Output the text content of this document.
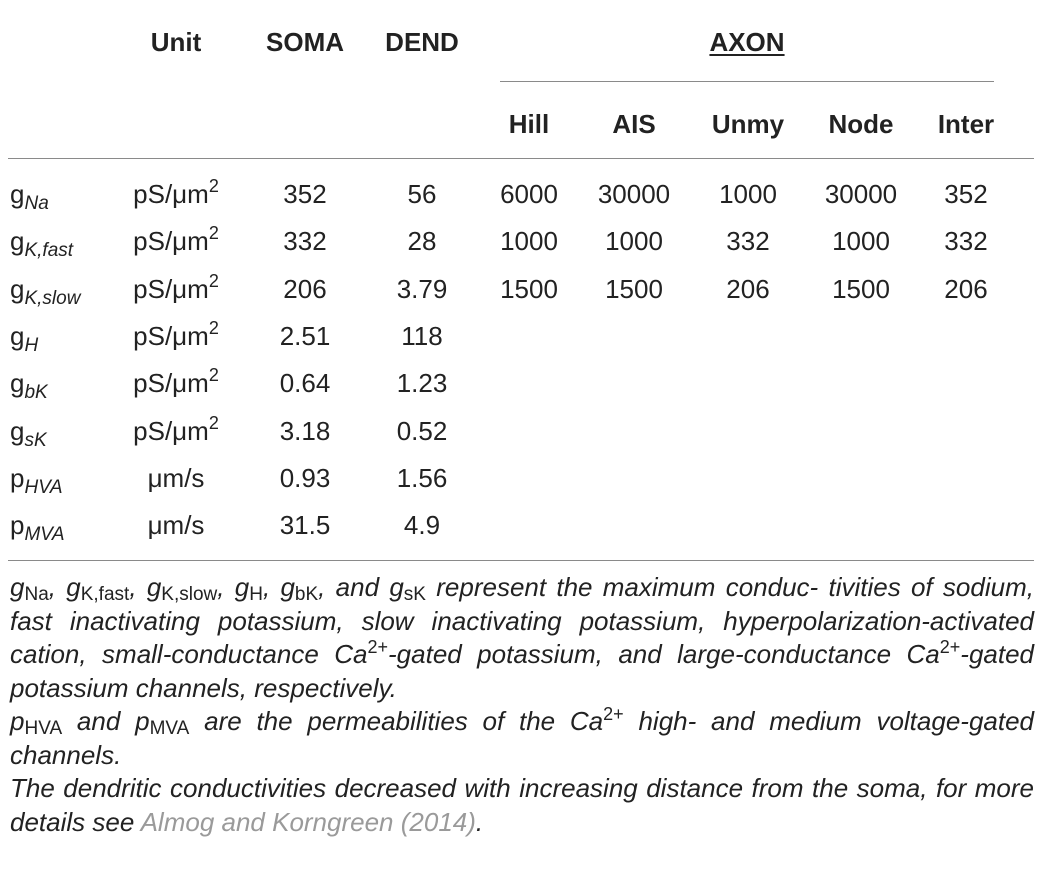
Unit SOMA DEND	AXON
Hill AIS Unmy Node Inter
$g_{Na}$	$pS/\mu m^2$ 352	56 6000 30000 1000 30000 352
$g_{K,fast}$ $pS/\mu m^2$ 332	28 1000 1000 332 1000 332
$g_{K,slow}$ $pS/\mu m^2$ 206	3.79 1500 1500 206 1500 206
$g_H$	$pS/\mu m^2$ 2.51	118
$g_{bK}$	$pS/\mu m^2$ 0.64	1.23
$g_{sK}$	$pS/\mu m^2$ 3.18	0.52
$p_{HVA}$	μm/s	0.93	1.56
$p_{MVA}$	μm/s	31.5	4.9

$g_{Na}$, $g_{K,fast}$, $g_{K,slow}$, $g_H$, $g_{bK}$, and $g_{sK}$ represent the maximum conduc- tivities of sodium, fast inactivating potassium, slow inactivating potassium, hyperpolarization-activated cation, small-conductance $Ca^{2+}$-gated potassium, and large-conductance $Ca^{2+}$-gated potassium channels, respectively.

$p_{HVA}$ and $p_{MVA}$ are the permeabilities of the $Ca^{2+}$ high- and medium voltage-gated channels.

The dendritic conductivities decreased with increasing distance from the soma, for more details see Almog and Korngreen (2014).
